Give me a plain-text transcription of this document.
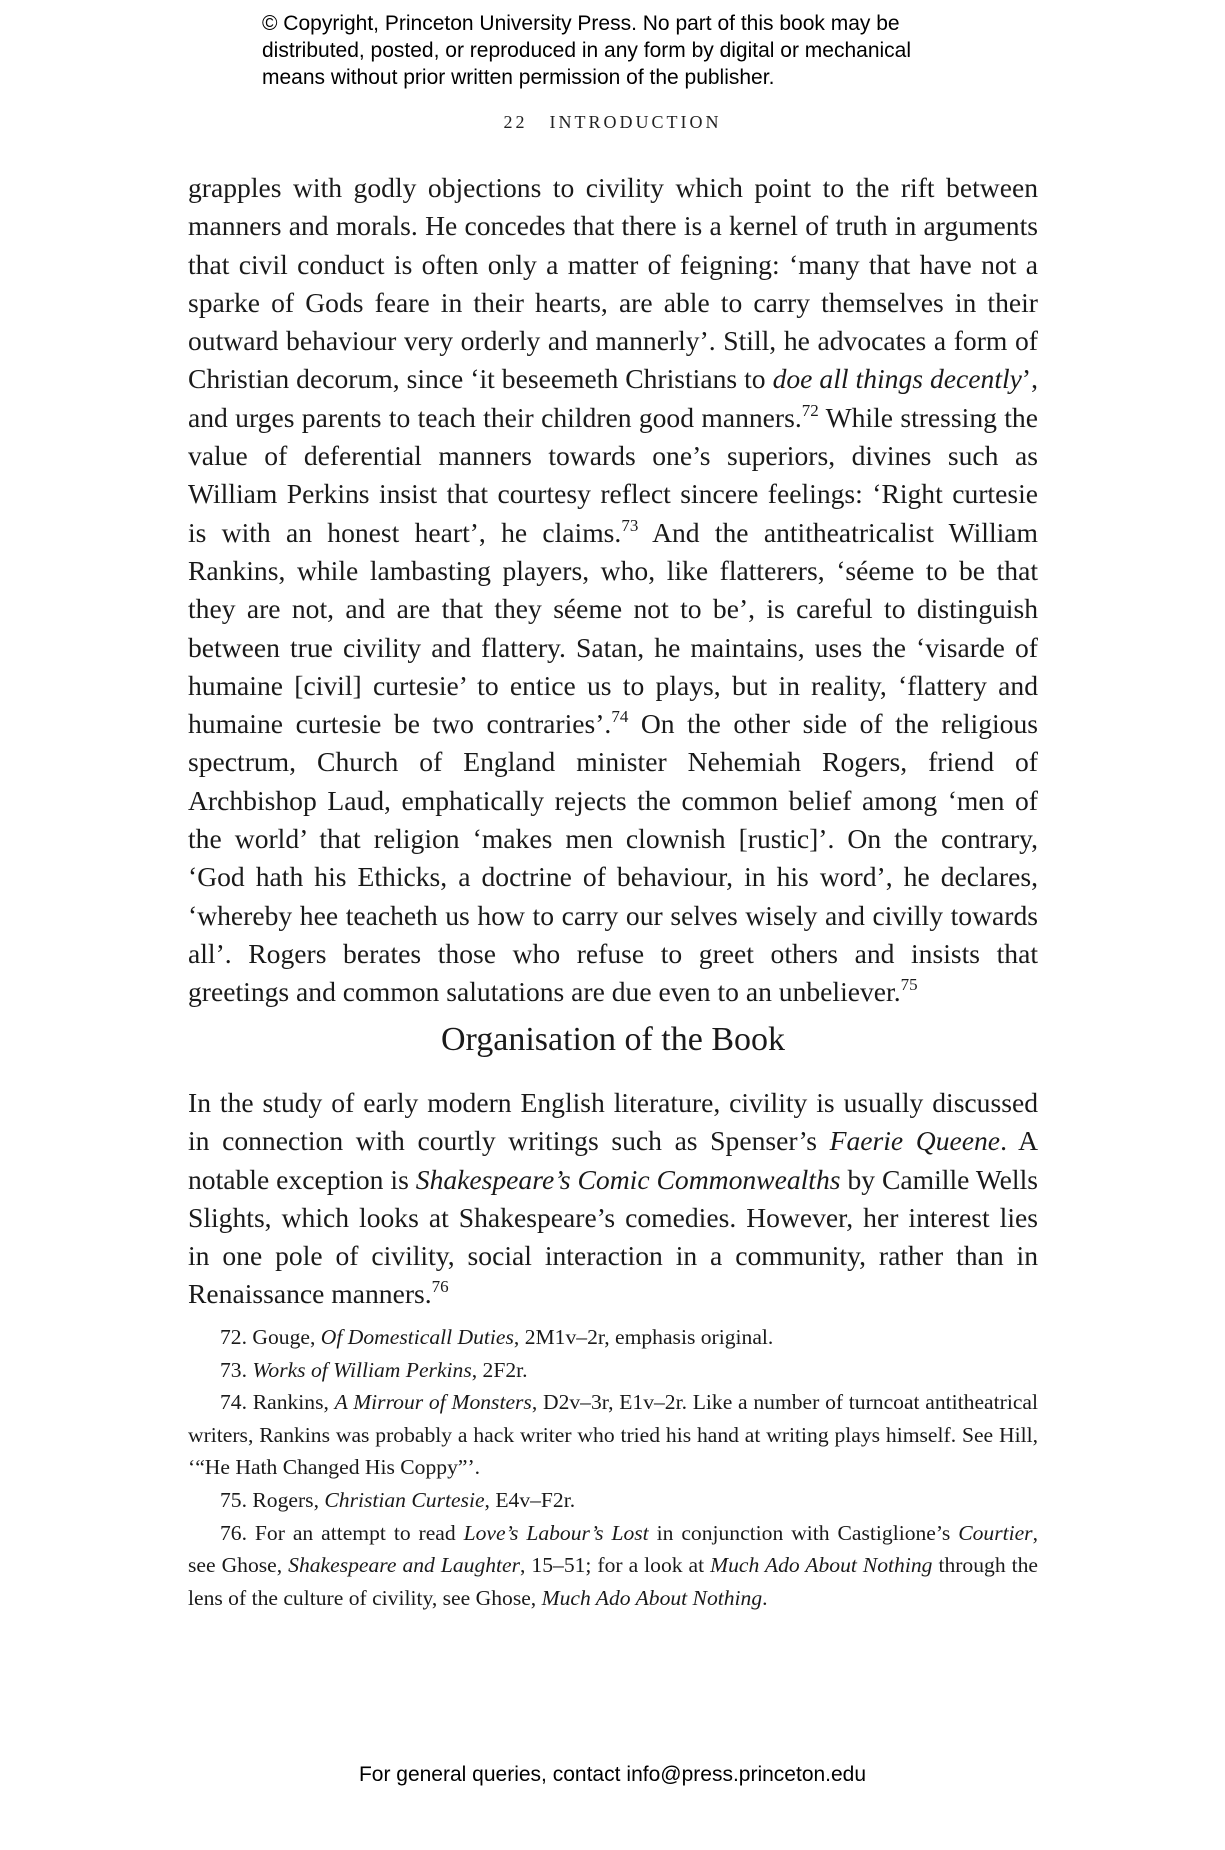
© Copyright, Princeton University Press. No part of this book may be

distributed, posted, or reproduced in any form by digital or mechanical

means without prior written permission of the publisher.

22 INTRODUCTION

grapples with godly objections to civility which point to the rift between manners and morals. He concedes that there is a kernel of truth in arguments that civil conduct is often only a matter of feigning: ‘many that have not a sparke of Gods feare in their hearts, are able to carry themselves in their outward behaviour very orderly and mannerly’. Still, he advocates a form of Christian decorum, since ‘it beseemeth Christians to doe all things decently’, and urges parents to teach their children good manners.$^{72}$ While stressing the value of deferential manners towards one’s superiors, divines such as William Perkins insist that courtesy reflect sincere feelings: ‘Right curtesie is with an honest heart’, he claims.$^{73}$ And the antitheatricalist William Rankins, while lambasting players, who, like flatterers, ‘séeme to be that they are not, and are that they séeme not to be’, is careful to distinguish between true civility and flattery. Satan, he maintains, uses the ‘visarde of humaine [civil] curtesie’ to entice us to plays, but in reality, ‘flattery and humaine curtesie be two contraries’.$^{74}$ On the other side of the religious spectrum, Church of England minister Nehemiah Rogers, friend of Archbishop Laud, emphatically rejects the common belief among ‘men of the world’ that religion ‘makes men clownish [rustic]’. On the contrary, ‘God hath his Ethicks, a doctrine of behaviour, in his word’, he declares, ‘whereby hee teacheth us how to carry our selves wisely and civilly towards all’. Rogers berates those who refuse to greet others and insists that greetings and common salutations are due even to an unbeliever.$^{75}$

Organisation of the Book

In the study of early modern English literature, civility is usually discussed in connection with courtly writings such as Spenser’s Faerie Queene. A notable exception is Shakespeare’s Comic Commonwealths by Camille Wells Slights, which looks at Shakespeare’s comedies. However, her interest lies in one pole of civility, social interaction in a community, rather than in Renaissance manners.$^{76}$

72. Gouge, Of Domesticall Duties, 2M1v–2r, emphasis original.

73. Works of William Perkins, 2F2r.

74. Rankins, A Mirrour of Monsters, D2v–3r, E1v–2r. Like a number of turncoat antitheatrical writers, Rankins was probably a hack writer who tried his hand at writing plays himself. See Hill, ‘“He Hath Changed His Coppy”’.

75. Rogers, Christian Curtesie, E4v–F2r.

76. For an attempt to read Love’s Labour’s Lost in conjunction with Castiglione’s Courtier, see Ghose, Shakespeare and Laughter, 15–51; for a look at Much Ado About Nothing through the lens of the culture of civility, see Ghose, Much Ado About Nothing.

For general queries, contact info@press.princeton.edu
